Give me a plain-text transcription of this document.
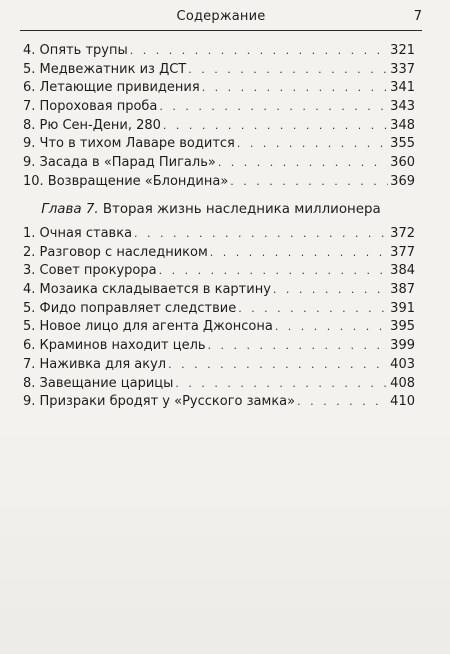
Содержание	7
4. Опять трупы . . .	321
5. Медвежатник из ДСТ . . .	337
6. Летающие привидения . . .	341
7. Пороховая проба . . .	343
8. Рю Сен-Дени, 280 . . .	348
9. Что в тихом Лаваре водится . . .	355
9. Засада в «Парад Пигаль» . . .	360
10. Возвращение «Блондина» . . .	369
Глава 7. Вторая жизнь наследника миллионера
1. Очная ставка . . .	372
2. Разговор с наследником . . .	377
3. Совет прокурора . . .	384
4. Мозаика складывается в картину . . .	387
5. Фидо поправляет следствие . . .	391
5. Новое лицо для агента Джонсона . . .	395
6. Краминов находит цель . . .	399
7. Наживка для акул . . .	403
8. Завещание царицы . . .	408
9. Призраки бродят у «Русского замка» . . .	410
